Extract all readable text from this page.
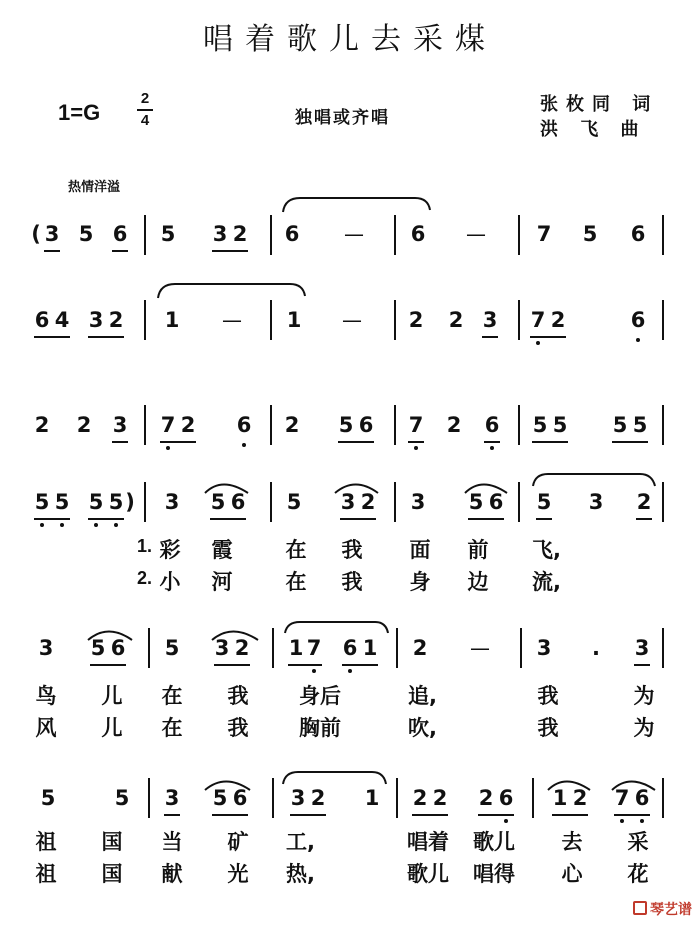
唱着歌儿去采煤
1=G
2
4	独唱或齐唱
张枚同 词
洪 飞 曲
热情洋溢
( 3 5 6 5 3 2 6 — 6 — 7 5 6
6 4 3 2 1 — 1 — 2 2 3 7 2	6
2 2 3 7 2 6 2 5 6 7 2 6 5 5 5 5
5 5 5 5 ) 3 5 6 5 3 2 3 5 6 5 3 2
1. 彩 霞	在 我 面 前 飞,
2. 小 河	在 我 身 边 流,
3 5 6 5 3 2 1 7 6 1 2 — 3 . 3
鸟 儿 在 我 身后	追,	我	为
风 儿 在 我 胸前	吹,	我	为
5	5 3 5 6 3 2 1 2 2 2 6 1 2 7 6
祖 国 当 矿 工,	唱着 歌儿 去 采
祖 国 献 光 热,	歌儿 唱得 心 花
琴艺谱
